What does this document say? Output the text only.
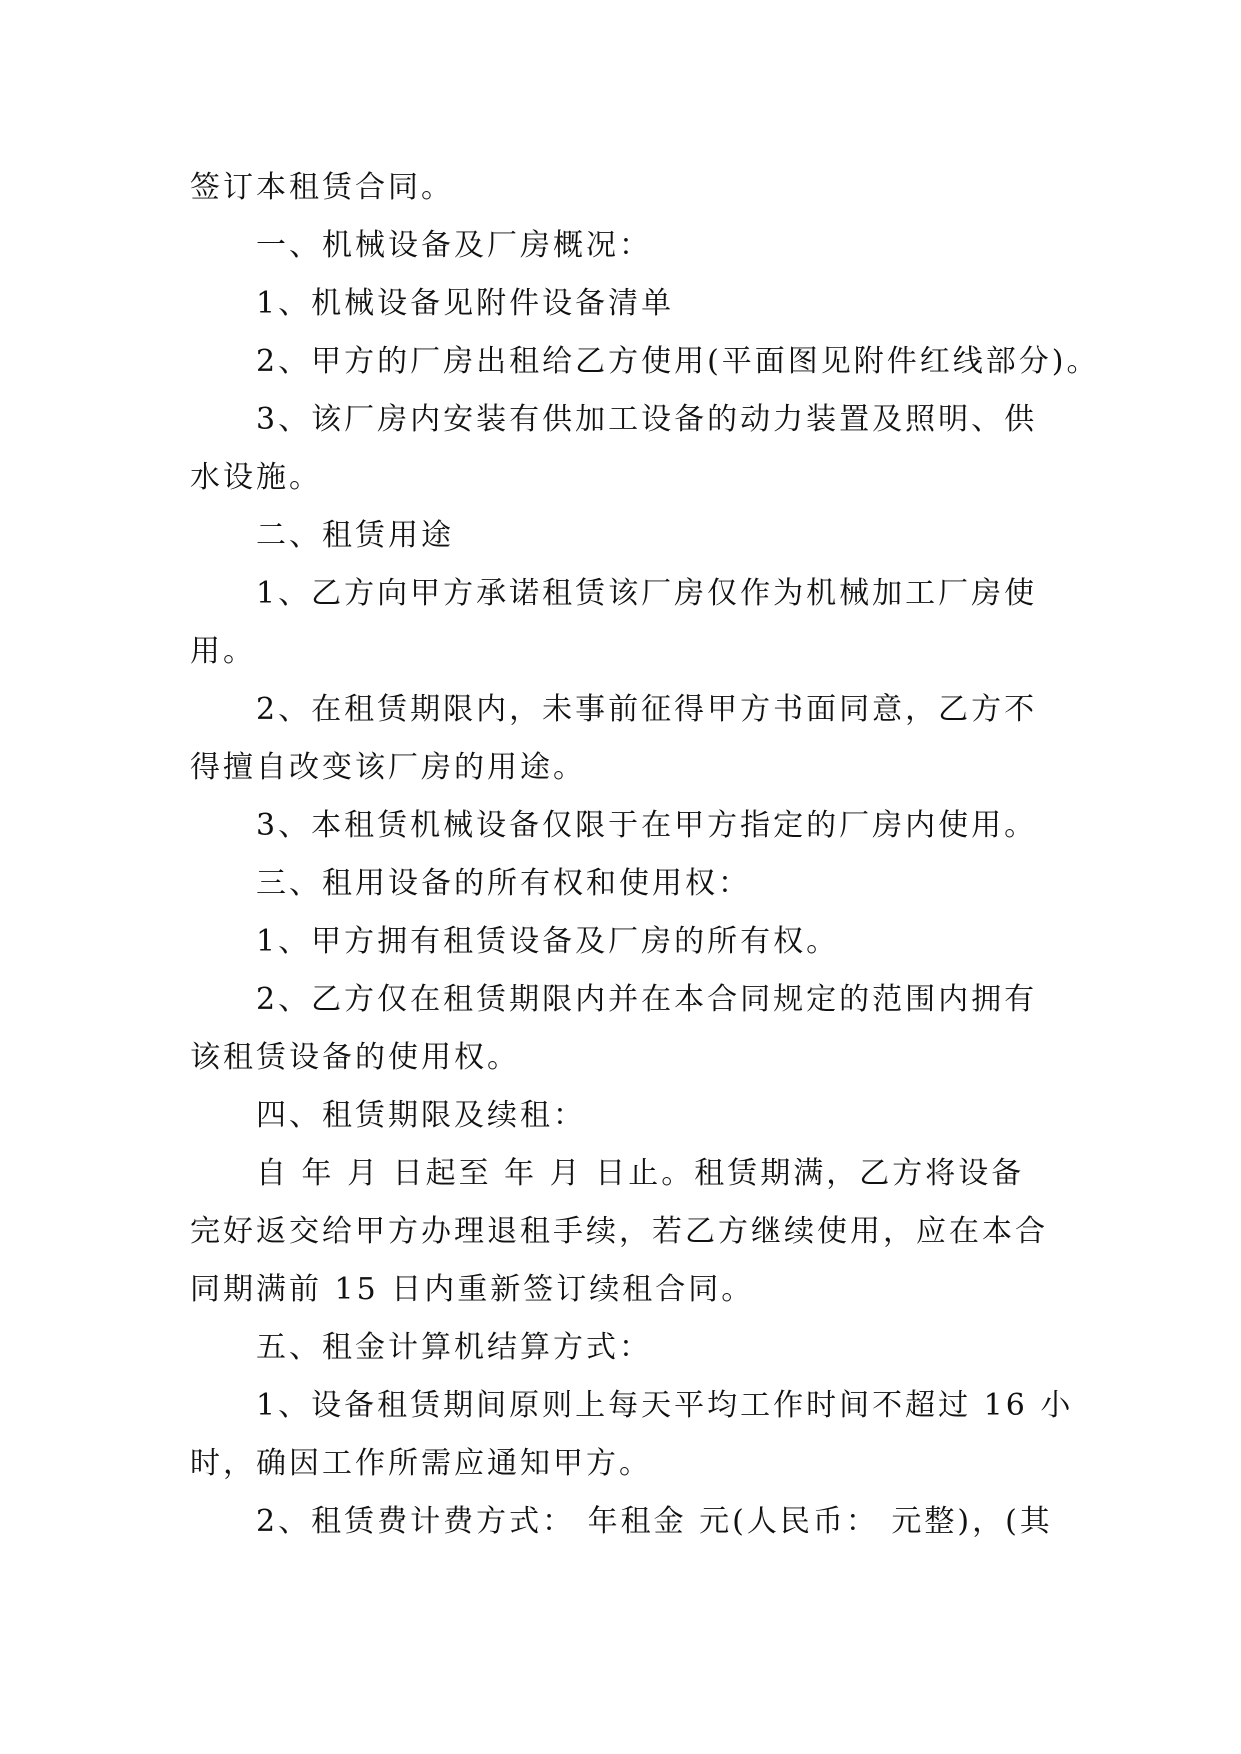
签订本租赁合同。
一、机械设备及厂房概况：
1、机械设备见附件设备清单
2、甲方的厂房出租给乙方使用(平面图见附件红线部分)。
3、该厂房内安装有供加工设备的动力装置及照明、供
水设施。
二、租赁用途
1、乙方向甲方承诺租赁该厂房仅作为机械加工厂房使
用。
2、在租赁期限内，未事前征得甲方书面同意，乙方不
得擅自改变该厂房的用途。
3、本租赁机械设备仅限于在甲方指定的厂房内使用。
三、租用设备的所有权和使用权：
1、甲方拥有租赁设备及厂房的所有权。
2、乙方仅在租赁期限内并在本合同规定的范围内拥有
该租赁设备的使用权。
四、租赁期限及续租：
自 年 月 日起至 年 月 日止。租赁期满，乙方将设备
完好返交给甲方办理退租手续，若乙方继续使用，应在本合
同期满前 15 日内重新签订续租合同。
五、租金计算机结算方式：
1、设备租赁期间原则上每天平均工作时间不超过 16 小
时，确因工作所需应通知甲方。
2、租赁费计费方式： 年租金 元(人民币： 元整)，(其
